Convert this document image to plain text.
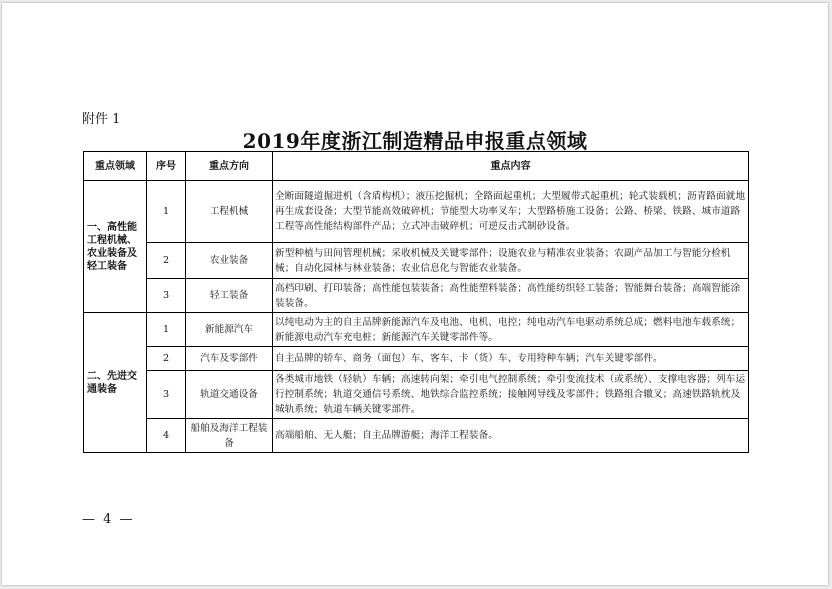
附件 1
2019年度浙江制造精品申报重点领域
重点领域	序号	重点方向	重点内容
一、高性能工程机械、农业装备及轻工装备	1	工程机械	全断面隧道掘进机（含盾构机）；液压挖掘机；全路面起重机；大型履带式起重机；轮式装载机；沥青路面就地再生成套设备；大型节能高效破碎机；节能型大功率叉车；大型路桥施工设备；公路、桥梁、铁路、城市道路工程等高性能结构部件产品；立式冲击破碎机；可逆反击式制砂设备。
	2	农业装备	新型种植与田间管理机械；采收机械及关键零部件；设施农业与精准农业装备；农副产品加工与智能分检机械；自动化园林与林业装备；农业信息化与智能农业装备。
	3	轻工装备	高档印刷、打印装备；高性能包装装备；高性能塑料装备；高性能纺织轻工装备；智能舞台装备；高端智能涂装装备。
二、先进交通装备	1	新能源汽车	以纯电动为主的自主品牌新能源汽车及电池、电机、电控；纯电动汽车电驱动系统总成；燃料电池车载系统；新能源电动汽车充电桩；新能源汽车关键零部件等。
	2	汽车及零部件	自主品牌的轿车、商务（面包）车、客车、卡（货）车、专用特种车辆；汽车关键零部件。
	3	轨道交通设备	各类城市地铁（轻轨）车辆；高速转向架；牵引电气控制系统；牵引变流技术（或系统）、支撑电容器；列车运行控制系统；轨道交通信号系统、地铁综合监控系统；接触网导线及零部件；铁路组合辙叉；高速铁路轨枕及城轨系统；轨道车辆关键零部件。
	4	船舶及海洋工程装备	高端船舶、无人艇；自主品牌游艇；海洋工程装备。
— 4 —
